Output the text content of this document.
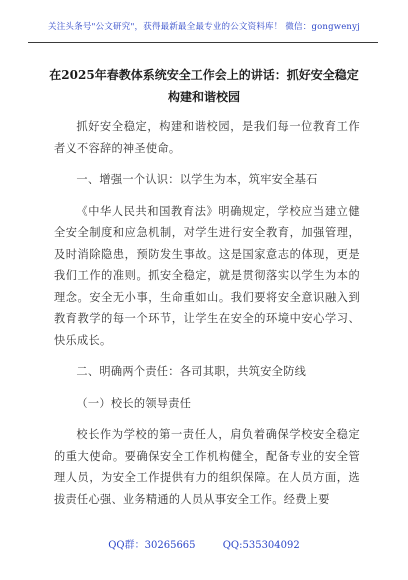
关注头条号"公文研究"，获得最新最全最专业的公文资料库！ 微信：gongwenyj
在2025年春教体系统安全工作会上的讲话：抓好安全稳定
构建和谐校园

抓好安全稳定，构建和谐校园，是我们每一位教育工作者义不容辞的神圣使命。

一、增强一个认识：以学生为本，筑牢安全基石

《中华人民共和国教育法》明确规定，学校应当建立健全安全制度和应急机制，对学生进行安全教育，加强管理，及时消除隐患，预防发生事故。这是国家意志的体现，更是我们工作的准则。抓安全稳定，就是贯彻落实以学生为本的理念。安全无小事，生命重如山。我们要将安全意识融入到教育教学的每一个环节，让学生在安全的环境中安心学习、快乐成长。

二、明确两个责任：各司其职，共筑安全防线

（一）校长的领导责任

校长作为学校的第一责任人，肩负着确保学校安全稳定的重大使命。要确保安全工作机构健全，配备专业的安全管理人员，为安全工作提供有力的组织保障。在人员方面，选拔责任心强、业务精通的人员从事安全工作。经费上要

QQ群：30265665	QQ:535304092
